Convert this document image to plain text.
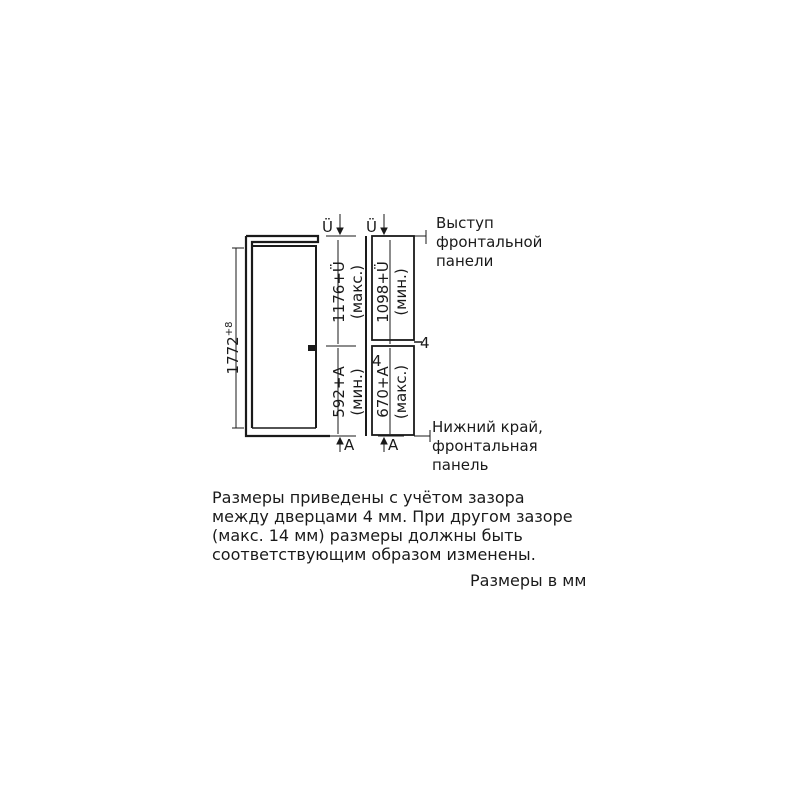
Ü Ü
A A
$1772^{+8}$
1176+Ü (макс.)
592+A (мин.)
1098+Ü (мин.)
670+A (макс.)
4
4
Выступ
фронтальной
панели
Нижний край,
фронтальная
панель
Размеры приведены с учётом зазора
между дверцами 4 мм. При другом зазоре
(макс. 14 мм) размеры должны быть
соответствующим образом изменены.
Размеры в мм
